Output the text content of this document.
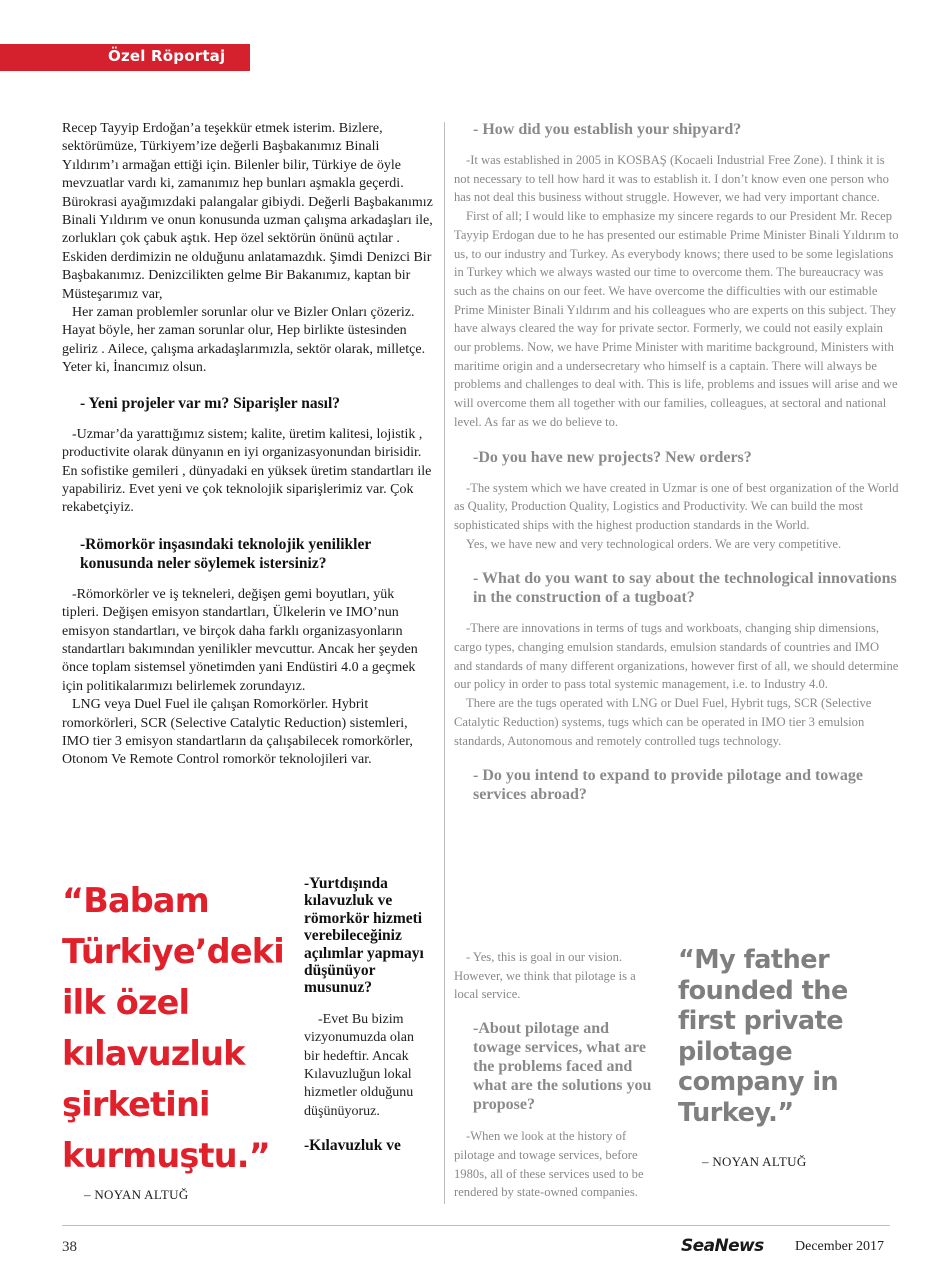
Özel Röportaj

Recep Tayyip Erdoğan’a teşekkür etmek isterim. Bizlere, sektörümüze, Türkiyem’ize değerli Başbakanımız Binali Yıldırım’ı armağan ettiği için. Bilenler bilir, Türkiye de öyle mevzuatlar vardı ki, zamanımız hep bunları aşmakla geçerdi. Bürokrasi ayağımızdaki palangalar gibiydi. Değerli Başbakanımız Binali Yıldırım ve onun konusunda uzman çalışma arkadaşları ile, zorlukları çok çabuk aştık. Hep özel sektörün önünü açtılar . Eskiden derdimizin ne olduğunu anlatamazdık. Şimdi Denizci Bir Başbakanımız. Denizcilikten gelme Bir Bakanımız, kaptan bir Müsteşarımız var,

Her zaman problemler sorunlar olur ve Bizler Onları çözeriz. Hayat böyle, her zaman sorunlar olur, Hep birlikte üstesinden geliriz . Ailece, çalışma arkadaşlarımızla, sektör olarak, milletçe. Yeter ki, İnancımız olsun.

- Yeni projeler var mı? Siparişler nasıl?

-Uzmar’da yarattığımız sistem; kalite, üretim kalitesi, lojistik , productivite olarak dünyanın en iyi organizasyonundan birisidir. En sofistike gemileri , dünyadaki en yüksek üretim standartları ile yapabiliriz. Evet yeni ve çok teknolojik siparişlerimiz var. Çok rekabetçiyiz.

-Römorkör inşasındaki teknolojik yenilikler konusunda neler söylemek istersiniz?

-Römorkörler ve iş tekneleri, değişen gemi boyutları, yük tipleri. Değişen emisyon standartları, Ülkelerin ve IMO’nun emisyon standartları, ve birçok daha farklı organizasyonların standartları bakımından yenilikler mevcuttur. Ancak her şeyden önce toplam sistemsel yönetimden yani Endüstiri 4.0 a geçmek için politikalarımızı belirlemek zorundayız.

LNG veya Duel Fuel ile çalışan Romorkörler. Hybrit romorkörleri, SCR (Selective Catalytic Reduction) sistemleri, IMO tier 3 emisyon standartların da çalışabilecek romorkörler, Otonom Ve Remote Control romorkör teknolojileri var.

- How did you establish your shipyard?

-It was established in 2005 in KOSBAŞ (Kocaeli Industrial Free Zone). I think it is not necessary to tell how hard it was to establish it. I don’t know even one person who has not deal this business without struggle. However, we had very important chance.

First of all; I would like to emphasize my sincere regards to our President Mr. Recep Tayyip Erdogan due to he has presented our estimable Prime Minister Binali Yıldırım to us, to our industry and Turkey. As everybody knows; there used to be some legislations in Turkey which we always wasted our time to overcome them. The bureaucracy was such as the chains on our feet. We have overcome the difficulties with our estimable Prime Minister Binali Yıldırım and his colleagues who are experts on this subject. They have always cleared the way for private sector. Formerly, we could not easily explain our problems. Now, we have Prime Minister with maritime background, Ministers with maritime origin and a undersecretary who himself is a captain. There will always be problems and challenges to deal with. This is life, problems and issues will arise and we will overcome them all together with our families, colleagues, at sectoral and national level. As far as we do believe to.

-Do you have new projects? New orders?

-The system which we have created in Uzmar is one of best organization of the World as Quality, Production Quality, Logistics and Productivity. We can build the most sophisticated ships with the highest production standards in the World.

Yes, we have new and very technological orders. We are very competitive.

- What do you want to say about the technological innovations in the construction of a tugboat?

-There are innovations in terms of tugs and workboats, changing ship dimensions, cargo types, changing emulsion standards, emulsion standards of countries and IMO and standards of many different organizations, however first of all, we should determine our policy in order to pass total systemic management, i.e. to Industry 4.0.

There are the tugs operated with LNG or Duel Fuel, Hybrit tugs, SCR (Selective Catalytic Reduction) systems, tugs which can be operated in IMO tier 3 emulsion standards, Autonomous and remotely controlled tugs technology.

- Do you intend to expand to provide pilotage and towage services abroad?
“Babam Türkiye’deki ilk özel kılavuzluk şirketini kurmuştu.”
– NOYAN ALTUĞ
-Yurtdışında kılavuzluk ve römorkör hizmeti verebileceğiniz açılımlar yapmayı düşünüyor musunuz?
-Evet Bu bizim vizyonumuzda olan bir hedeftir. Ancak Kılavuzluğun lokal hizmetler olduğunu düşünüyoruz.
-Kılavuzluk ve

- Yes, this is goal in our vision. However, we think that pilotage is a local service.

-About pilotage and towage services, what are the problems faced and what are the solutions you propose?

-When we look at the history of pilotage and towage services, before 1980s, all of these services used to be rendered by state-owned companies.

“My father founded the first private pilotage company in Turkey.”
– NOYAN ALTUĞ
38	SeaNews December 2017
